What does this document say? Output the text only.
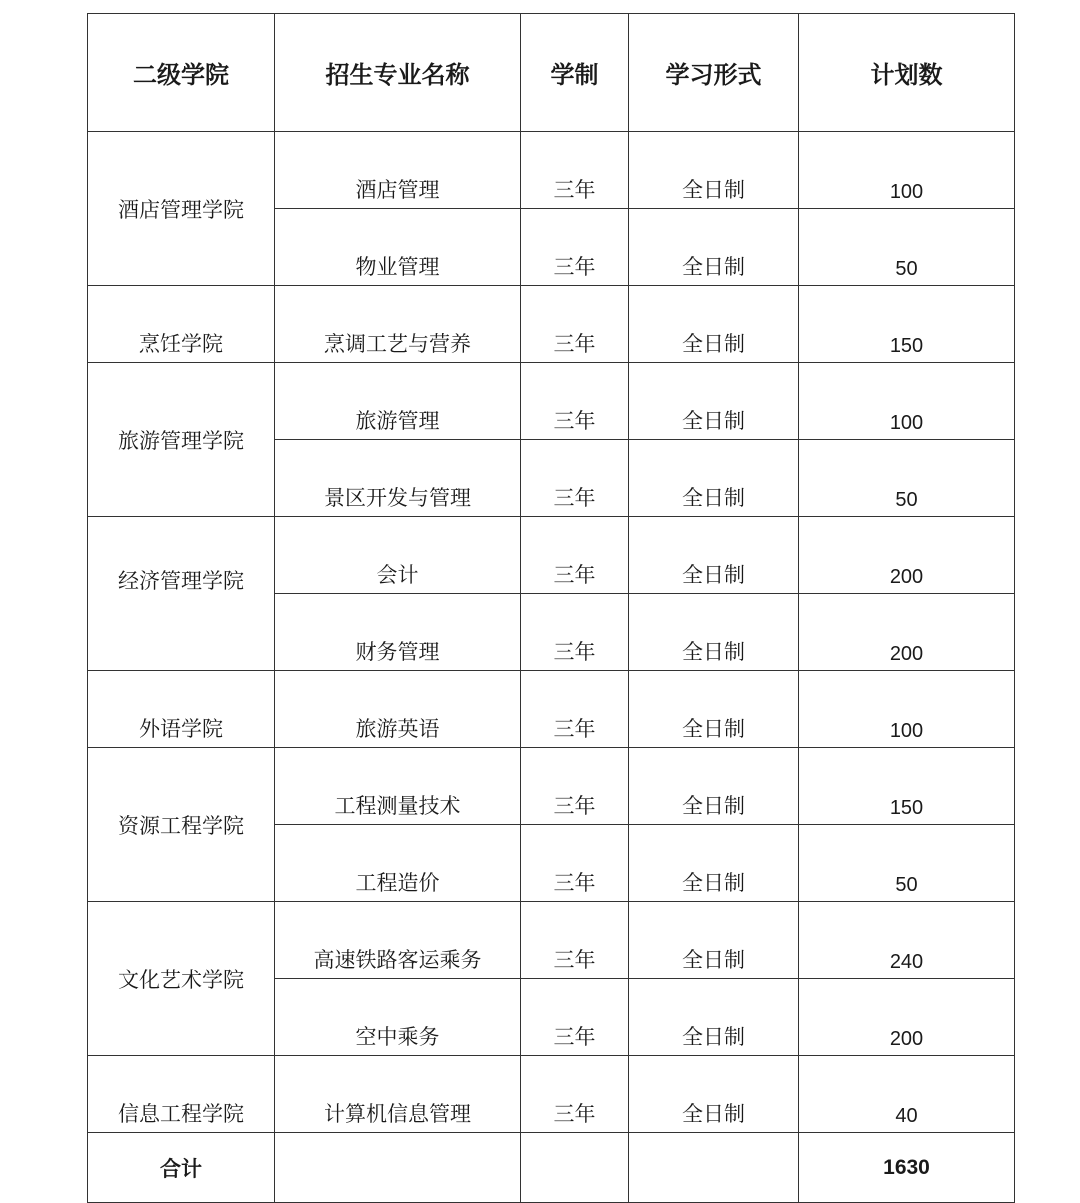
二级学院	招生专业名称	学制	学习形式	计划数
酒店管理学院	酒店管理	三年	全日制	100
	物业管理	三年	全日制	50
烹饪学院	烹调工艺与营养	三年	全日制	150
旅游管理学院	旅游管理	三年	全日制	100
	景区开发与管理	三年	全日制	50
经济管理学院	会计	三年	全日制	200
	财务管理	三年	全日制	200
外语学院	旅游英语	三年	全日制	100
资源工程学院	工程测量技术	三年	全日制	150
	工程造价	三年	全日制	50
文化艺术学院	高速铁路客运乘务	三年	全日制	240
	空中乘务	三年	全日制	200
信息工程学院	计算机信息管理	三年	全日制	40
合计				1630
